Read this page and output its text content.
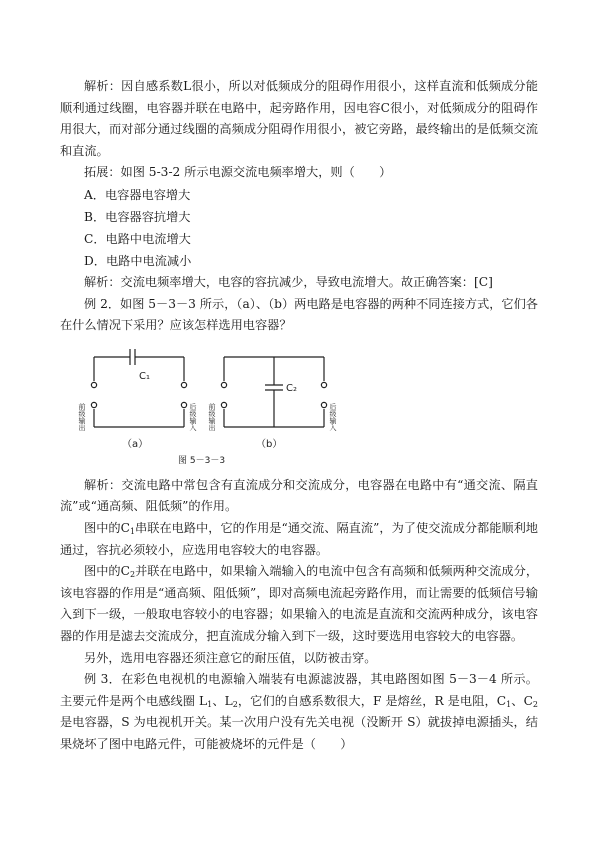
解析：因自感系数L很小，所以对低频成分的阻碍作用很小，这样直流和低频成分能顺利通过线圈，电容器并联在电路中，起旁路作用，因电容C很小，对低频成分的阻碍作用很大，而对部分通过线圈的高频成分阻碍作用很小，被它旁路，最终输出的是低频交流和直流。

拓展：如图 5-3-2 所示电源交流电频率增大，则（　　）

A．电容器电容增大

B．电容器容抗增大

C．电路中电流增大

D．电路中电流减小

解析：交流电频率增大，电容的容抗减少，导致电流增大。故正确答案：[C]

例 2．如图 5－3－3 所示，（a）、（b）两电路是电容器的两种不同连接方式，它们各在什么情况下采用？应该怎样选用电容器？

C₁
C₂
前级输出	后级输入 前级输出	后级输入
（a）	（b）
图 5－3－3

解析：交流电路中常包含有直流成分和交流成分，电容器在电路中有“通交流、隔直流”或“通高频、阻低频”的作用。

图中的$C_1$串联在电路中，它的作用是“通交流、隔直流”，为了使交流成分都能顺利地通过，容抗必须较小，应选用电容较大的电容器。

图中的$C_2$并联在电路中，如果输入端输入的电流中包含有高频和低频两种交流成分，该电容器的作用是“通高频、阻低频”，即对高频电流起旁路作用，而让需要的低频信号输入到下一级，一般取电容较小的电容器；如果输入的电流是直流和交流两种成分，该电容器的作用是滤去交流成分，把直流成分输入到下一级，这时要选用电容较大的电容器。

另外，选用电容器还须注意它的耐压值，以防被击穿。

例 3．在彩色电视机的电源输入端装有电源滤波器，其电路图如图 5－3－4 所示。主要元件是两个电感线圈 $L_1$、$L_2$，它们的自感系数很大，F 是熔丝，R 是电阻，$C_1$、$C_2$是电容器，S 为电视机开关。某一次用户没有先关电视（没断开 S）就拔掉电源插头，结果烧坏了图中电路元件，可能被烧坏的元件是（　　）
